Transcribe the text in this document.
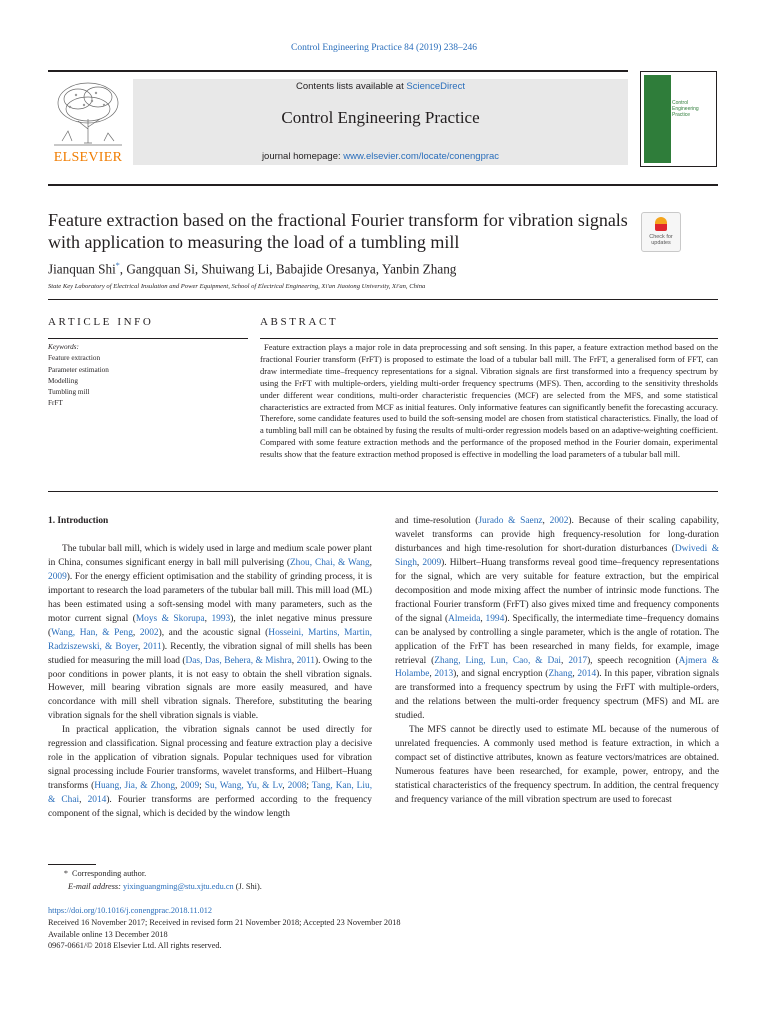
Control Engineering Practice 84 (2019) 238–246
Contents lists available at ScienceDirect
Control Engineering Practice
journal homepage: www.elsevier.com/locate/conengprac
ELSEVIER
Control
Engineering
Practice
Feature extraction based on the fractional Fourier transform for vibration signals with application to measuring the load of a tumbling mill	Check for updates
Jianquan Shi*, Gangquan Si, Shuiwang Li, Babajide Oresanya, Yanbin Zhang
State Key Laboratory of Electrical Insulation and Power Equipment, School of Electrical Engineering, Xi'an Jiaotong University, Xi'an, China
ARTICLE INFO
Keywords:
Feature extraction
Parameter estimation
Modelling
Tumbling mill
FrFT
ABSTRACT
Feature extraction plays a major role in data preprocessing and soft sensing. In this paper, a feature extraction method based on the fractional Fourier transform (FrFT) is proposed to estimate the load of a tubular ball mill. The FrFT, a generalised form of FFT, can draw intermediate time–frequency representations for a signal. Vibration signals are first transformed into a frequency spectrum by using the FrFT with multiple-orders, yielding multi-order frequency spectrums (MFS). Then, according to the sensitivity thresholds under different wear conditions, multi-order characteristic frequencies (MCF) are selected from the MFS, and some statistical characteristics are extracted from MCF as initial features. Only informative features can significantly benefit the forecasting accuracy. Therefore, some candidate features used to build the soft-sensing model are chosen from statistical characteristics. Finally, the load of a tumbling ball mill can be obtained by fusing the results of multi-order regression models based on an adaptive-weighting coefficient. Compared with some feature extraction methods and the performance of the proposed method in the Fourier domain, experimental results show that the feature extraction method proposed is effective in modelling the load parameters of a tubular ball mill.
1. Introduction

The tubular ball mill, which is widely used in large and medium scale power plant in China, consumes significant energy in ball mill pulverising (Zhou, Chai, & Wang, 2009). For the energy efficient optimisation and the stability of grinding process, it is important to research the load parameters of the tubular ball mill. This mill load (ML) has been estimated using a soft-sensing model with many parameters, such as the motor current signal (Moys & Skorupa, 1993), the inlet negative minus pressure (Wang, Han, & Peng, 2002), and the acoustic signal (Hosseini, Martins, Martin, Radziszewski, & Boyer, 2011). Recently, the vibration signal of mill shells has been studied for measuring the mill load (Das, Das, Behera, & Mishra, 2011). Owing to the poor conditions in power plants, it is not easy to obtain the shell vibration signals. However, mill bearing vibration signals are more easily measured, and have concordance with mill shell vibration signals. Therefore, substituting the bearing vibration signals for the shell vibration signals is viable.

In practical application, the vibration signals cannot be used directly for regression and classification. Signal processing and feature extraction play a decisive role in the application of vibration signals. Popular techniques used for vibration signal processing include Fourier transforms, wavelet transforms, and Hilbert–Huang transforms (Huang, Jia, & Zhong, 2009; Su, Wang, Yu, & Lv, 2008; Tang, Kan, Liu, & Chai, 2014). Fourier transforms are performed according to the frequency component of the signal, which is decided by the window length

and time-resolution (Jurado & Saenz, 2002). Because of their scaling capability, wavelet transforms can provide high frequency-resolution for long-duration disturbances and high time-resolution for short-duration disturbances (Dwivedi & Singh, 2009). Hilbert–Huang transforms reveal good time–frequency representations for the signal, which are very suitable for feature extraction, but the empirical decomposition and mode mixing affect the number of intrinsic mode functions. The fractional Fourier transform (FrFT) also gives mixed time and frequency components of the signal (Almeida, 1994). Specifically, the intermediate time–frequency domains can be analysed by controlling a single parameter, which is the angle of rotation. The application of the FrFT has been researched in many fields, for example, image retrieval (Zhang, Ling, Lun, Cao, & Dai, 2017), speech recognition (Ajmera & Holambe, 2013), and signal encryption (Zhang, 2014). In this paper, vibration signals are transformed into a frequency spectrum by using the FrFT with multiple-orders, and the relations between the multi-order frequency spectrum (MFS) and ML are studied.

The MFS cannot be directly used to estimate ML because of the numerous of unrelated frequencies. A commonly used method is feature extraction, in which a compact set of distinctive attributes, known as feature vectors/matrices are obtained. Numerous features have been researched, for example, power, entropy, and the statistical characteristics of the frequency spectrum. In addition, the central frequency and frequency variance of the mill vibration spectrum are used to forecast

* Corresponding author.
E-mail address: yixinguangming@stu.xjtu.edu.cn (J. Shi).
https://doi.org/10.1016/j.conengprac.2018.11.012
Received 16 November 2017; Received in revised form 21 November 2018; Accepted 23 November 2018
Available online 13 December 2018
0967-0661/© 2018 Elsevier Ltd. All rights reserved.
